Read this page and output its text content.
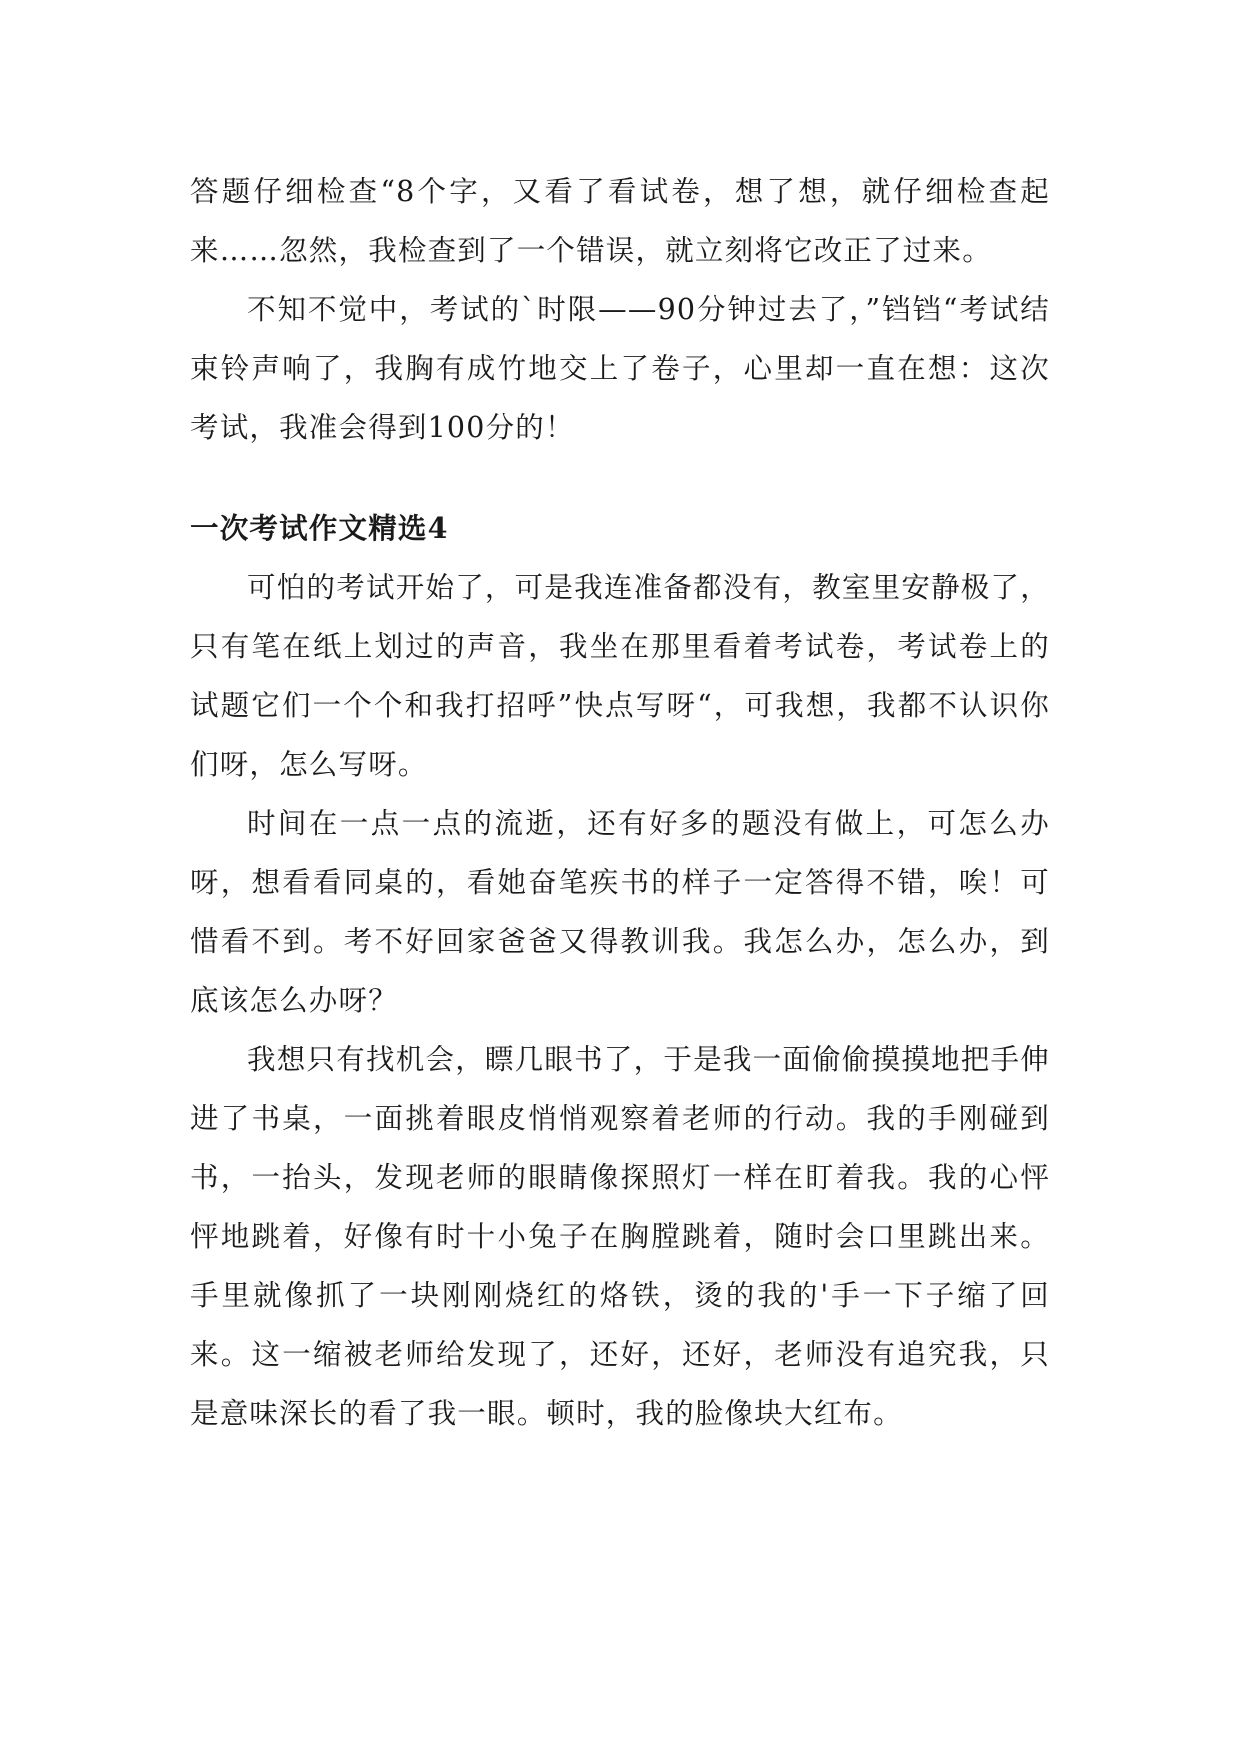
答题仔细检查“8个字，又看了看试卷，想了想，就仔细检查起来……忽然，我检查到了一个错误，就立刻将它改正了过来。

不知不觉中，考试的`时限——90分钟过去了，”铛铛“考试结束铃声响了，我胸有成竹地交上了卷子，心里却一直在想：这次考试，我准会得到100分的！

一次考试作文精选4

可怕的考试开始了，可是我连准备都没有，教室里安静极了，只有笔在纸上划过的声音，我坐在那里看着考试卷，考试卷上的试题它们一个个和我打招呼”快点写呀“，可我想，我都不认识你们呀，怎么写呀。

时间在一点一点的流逝，还有好多的题没有做上，可怎么办呀，想看看同桌的，看她奋笔疾书的样子一定答得不错，唉！可惜看不到。考不好回家爸爸又得教训我。我怎么办，怎么办，到底该怎么办呀？

我想只有找机会，瞟几眼书了，于是我一面偷偷摸摸地把手伸进了书桌，一面挑着眼皮悄悄观察着老师的行动。我的手刚碰到书，一抬头，发现老师的眼睛像探照灯一样在盯着我。我的心怦怦地跳着，好像有时十小兔子在胸膛跳着，随时会口里跳出来。手里就像抓了一块刚刚烧红的烙铁，烫的我的'手一下子缩了回来。这一缩被老师给发现了，还好，还好，老师没有追究我，只是意味深长的看了我一眼。顿时，我的脸像块大红布。
